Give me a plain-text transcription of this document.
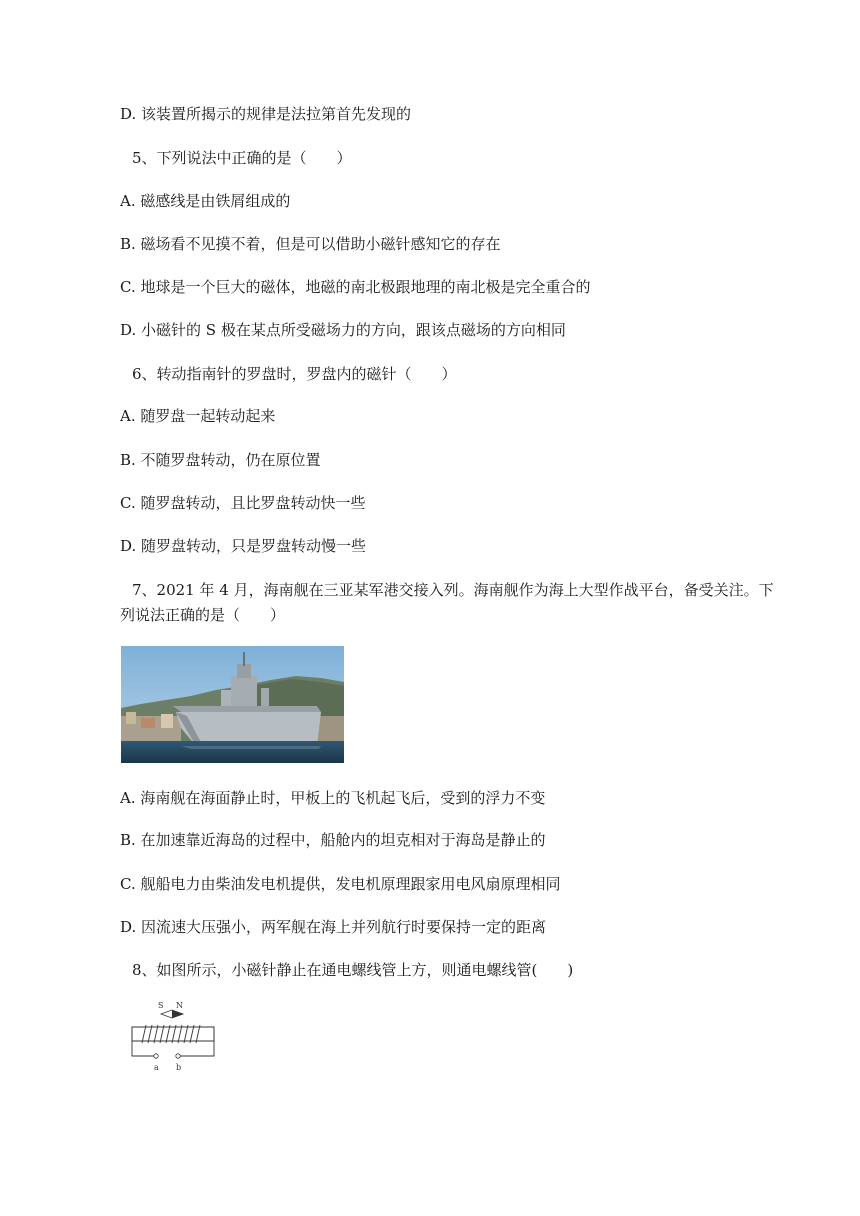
D. 该装置所揭示的规律是法拉第首先发现的
5、下列说法中正确的是（　　）
A. 磁感线是由铁屑组成的
B. 磁场看不见摸不着，但是可以借助小磁针感知它的存在
C. 地球是一个巨大的磁体，地磁的南北极跟地理的南北极是完全重合的
D. 小磁针的 S 极在某点所受磁场力的方向，跟该点磁场的方向相同
6、转动指南针的罗盘时，罗盘内的磁针（　　）
A. 随罗盘一起转动起来
B. 不随罗盘转动，仍在原位置
C. 随罗盘转动，且比罗盘转动快一些
D. 随罗盘转动，只是罗盘转动慢一些
7、2021 年 4 月，海南舰在三亚某军港交接入列。海南舰作为海上大型作战平台，备受关注。下
列说法正确的是（　　）
A. 海南舰在海面静止时，甲板上的飞机起飞后，受到的浮力不变
B. 在加速靠近海岛的过程中，船舱内的坦克相对于海岛是静止的
C. 舰船电力由柴油发电机提供，发电机原理跟家用电风扇原理相同
D. 因流速大压强小，两军舰在海上并列航行时要保持一定的距离
8、如图所示，小磁针静止在通电螺线管上方，则通电螺线管(　　)
S N
a b
